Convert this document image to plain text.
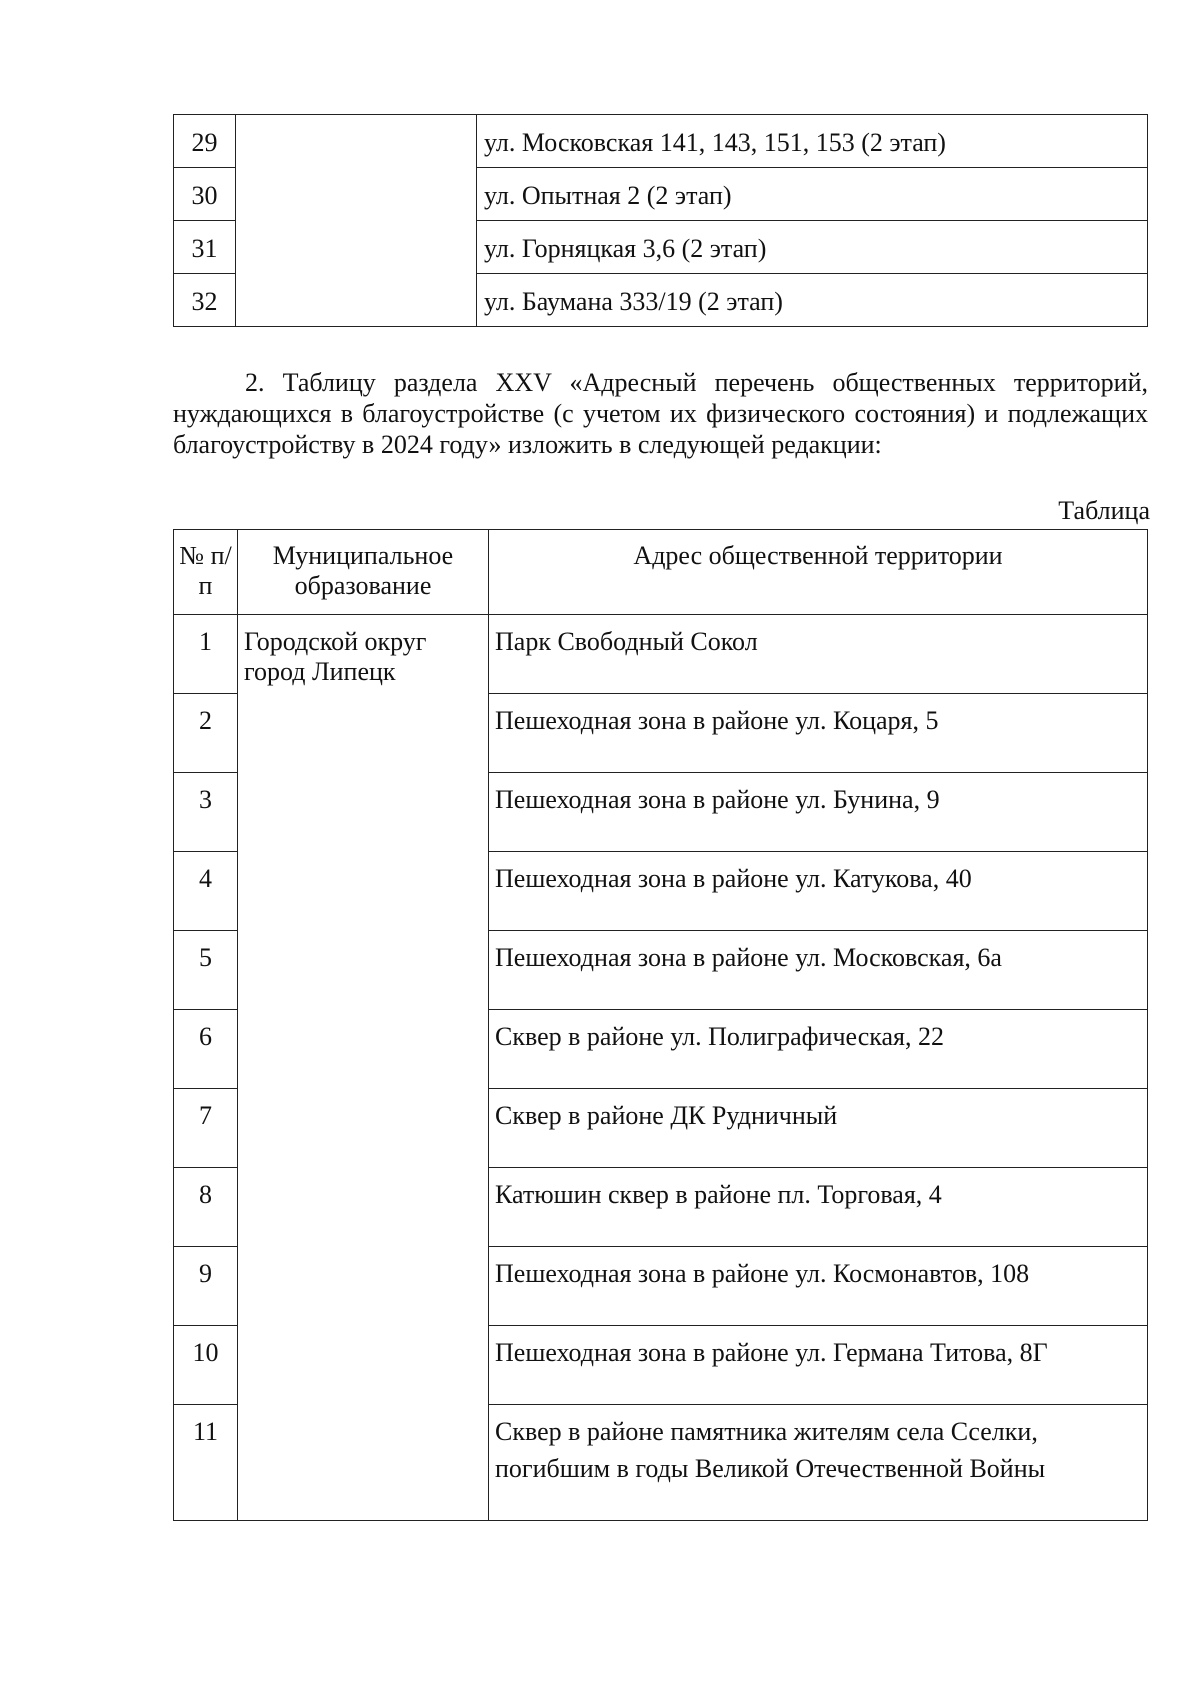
29		ул. Московская 141, 143, 151, 153 (2 этап)
30		ул. Опытная 2 (2 этап)
31		ул. Горняцкая 3,6 (2 этап)
32		ул. Баумана 333/19 (2 этап)
2. Таблицу раздела XXV «Адресный перечень общественных территорий, нуждающихся в благоустройстве (с учетом их физического состояния) и подлежащих благоустройству в 2024 году» изложить в следующей редакции:
Таблица
№ п/п	Муниципальное образование	Адрес общественной территории
1	Городской округ город Липецк	Парк Свободный Сокол
2		Пешеходная зона в районе ул. Коцаря, 5
3		Пешеходная зона в районе ул. Бунина, 9
4		Пешеходная зона в районе ул. Катукова, 40
5		Пешеходная зона в районе ул. Московская, 6а
6		Сквер в районе ул. Полиграфическая, 22
7		Сквер в районе ДК Рудничный
8		Катюшин сквер в районе пл. Торговая, 4
9		Пешеходная зона в районе ул. Космонавтов, 108
10		Пешеходная зона в районе ул. Германа Титова, 8Г
11		Сквер в районе памятника жителям села Сселки, погибшим в годы Великой Отечественной Войны
